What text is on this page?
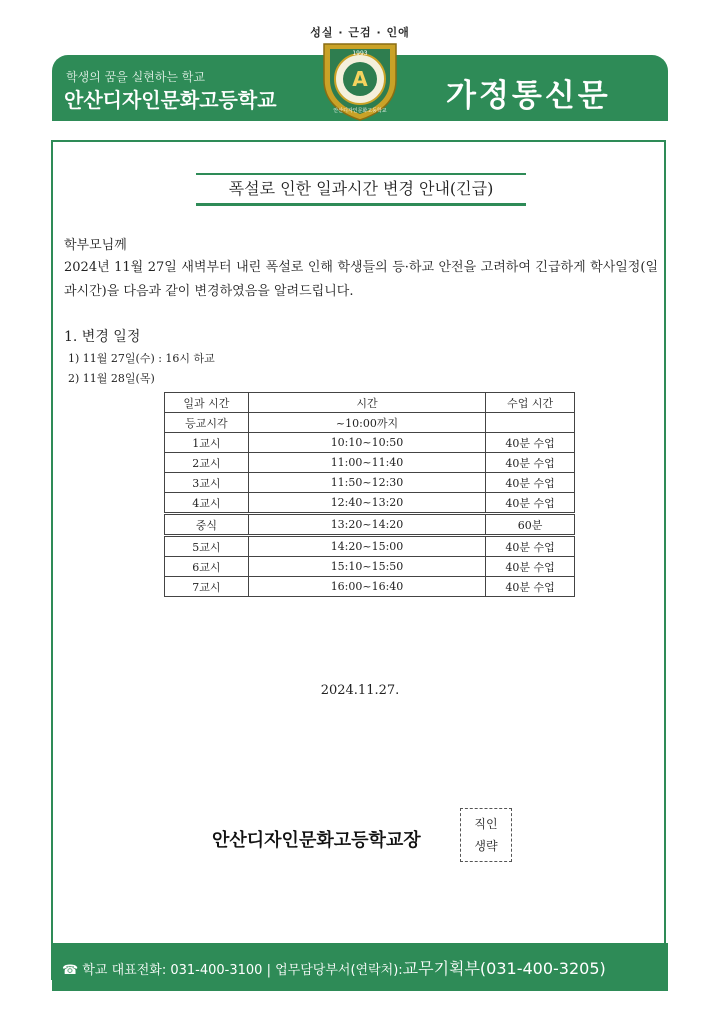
성실 · 근검 · 인애
학생의 꿈을 실현하는 학교
안산디자인문화고등학교	가정통신문
1993
A
안산디자인문화고등학교
폭설로 인한 일과시간 변경 안내(긴급)
학부모님께
2024년 11월 27일 새벽부터 내린 폭설로 인해 학생들의 등·하교 안전을 고려하여 긴급하게 학사일정(일과시간)을 다음과 같이 변경하였음을 알려드립니다.
1. 변경 일정
1) 11월 27일(수) : 16시 하교
2) 11월 28일(목)
일과 시간	시간	수업 시간
등교시각	~10:00까지	
1교시	10:10~10:50	40분 수업
2교시	11:00~11:40	40분 수업
3교시	11:50~12:30	40분 수업
4교시	12:40~13:20	40분 수업
중식	13:20~14:20	60분
5교시	14:20~15:00	40분 수업
6교시	15:10~15:50	40분 수업
7교시	16:00~16:40	40분 수업
2024.11.27.
안산디자인문화고등학교장
직인
생략
☎ 학교 대표전화: 031-400-3100 | 업무담당부서(연락처):교무기획부(031-400-3205)
